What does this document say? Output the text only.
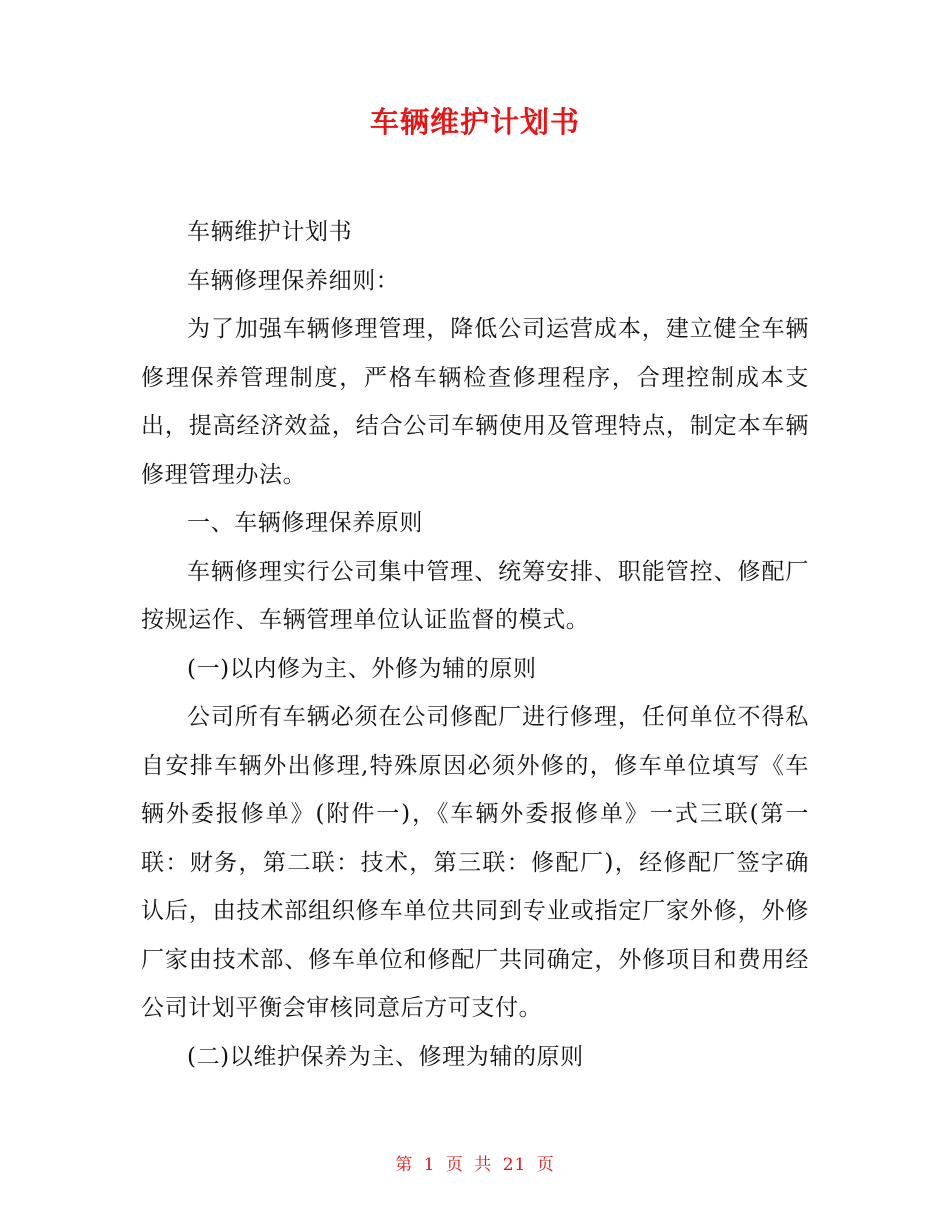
车辆维护计划书

车辆维护计划书

车辆修理保养细则：

为了加强车辆修理管理，降低公司运营成本，建立健全车辆修理保养管理制度，严格车辆检查修理程序，合理控制成本支出，提高经济效益，结合公司车辆使用及管理特点，制定本车辆修理管理办法。

一、车辆修理保养原则

车辆修理实行公司集中管理、统筹安排、职能管控、修配厂按规运作、车辆管理单位认证监督的模式。

(一)以内修为主、外修为辅的原则

公司所有车辆必须在公司修配厂进行修理，任何单位不得私自安排车辆外出修理,特殊原因必须外修的，修车单位填写《车辆外委报修单》(附件一)，《车辆外委报修单》一式三联(第一联：财务，第二联：技术，第三联：修配厂)，经修配厂签字确认后，由技术部组织修车单位共同到专业或指定厂家外修，外修厂家由技术部、修车单位和修配厂共同确定，外修项目和费用经公司计划平衡会审核同意后方可支付。

(二)以维护保养为主、修理为辅的原则

第 1 页 共 21 页
